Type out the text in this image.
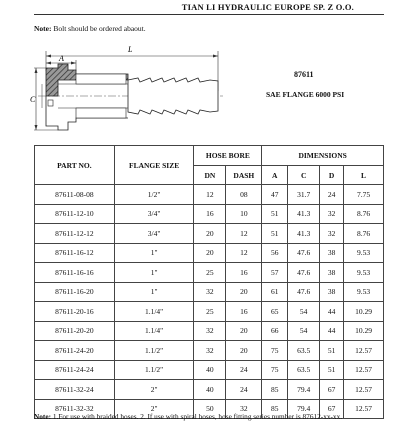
TIAN LI HYDRAULIC EUROPE SP. Z O.O.
Note: Bolt should be ordered abaout.
L
A
C
87611
SAE FLANGE 6000 PSI
PART NO.	FLANGE SIZE	HOSE BORE		DIMENSIONS			
		DN	DASH	A	C	D	L
87611-08-08	1/2"	12	08	47	31.7	24	7.75
87611-12-10	3/4"	16	10	51	41.3	32	8.76
87611-12-12	3/4"	20	12	51	41.3	32	8.76
87611-16-12	1"	20	12	56	47.6	38	9.53
87611-16-16	1"	25	16	57	47.6	38	9.53
87611-16-20	1"	32	20	61	47.6	38	9.53
87611-20-16	1.1/4"	25	16	65	54	44	10.29
87611-20-20	1.1/4"	32	20	66	54	44	10.29
87611-24-20	1.1/2"	32	20	75	63.5	51	12.57
87611-24-24	1.1/2"	40	24	75	63.5	51	12.57
87611-32-24	2"	40	24	85	79.4	67	12.57
87611-32-32	2"	50	32	85	79.4	67	12.57
Note: 1.For use with braided hoses. 2. If use with spiral hoses, hose fitting series number is 87612-xx-xx.
